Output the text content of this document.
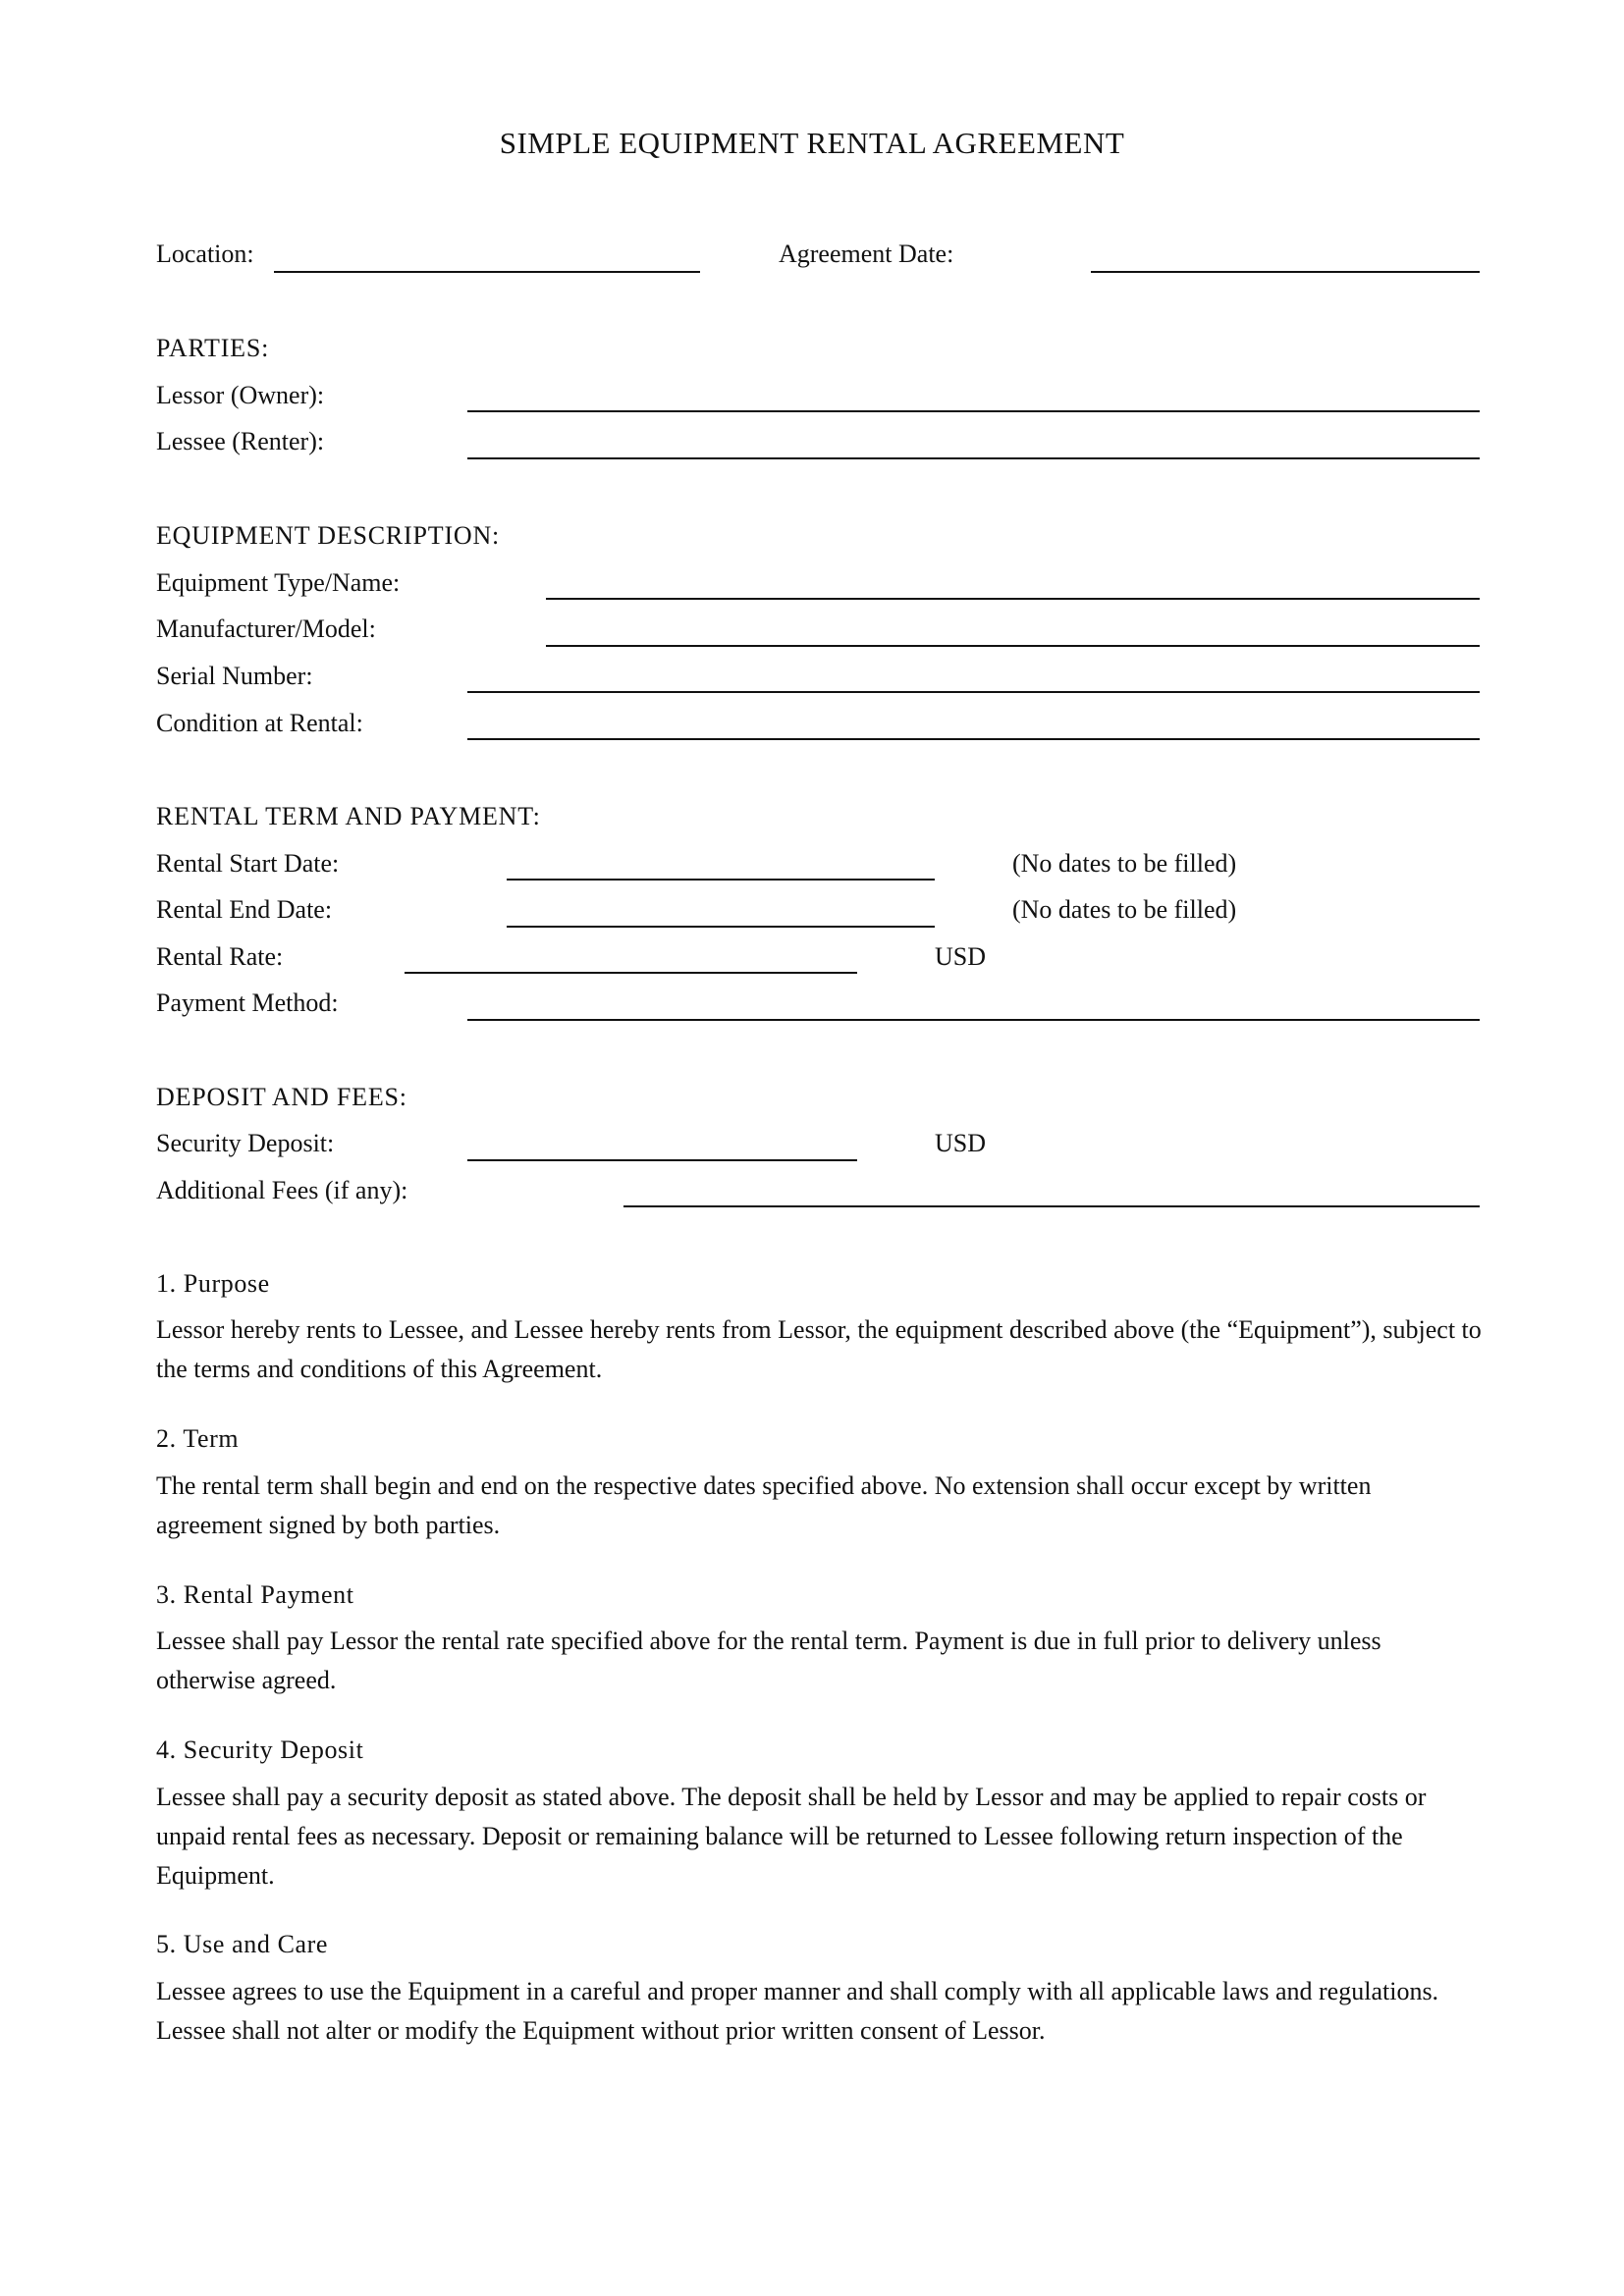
SIMPLE EQUIPMENT RENTAL AGREEMENT
Location:	Agreement Date:
PARTIES:
Lessor (Owner):
Lessee (Renter):
EQUIPMENT DESCRIPTION:
Equipment Type/Name:
Manufacturer/Model:
Serial Number:
Condition at Rental:
RENTAL TERM AND PAYMENT:
Rental Start Date:	(No dates to be filled)
Rental End Date:	(No dates to be filled)
Rental Rate:	USD
Payment Method:
DEPOSIT AND FEES:
Security Deposit:	USD
Additional Fees (if any):
1. Purpose
Lessor hereby rents to Lessee, and Lessee hereby rents from Lessor, the equipment described above (the “Equipment”), subject to the terms and conditions of this Agreement.
2. Term
The rental term shall begin and end on the respective dates specified above. No extension shall occur except by written agreement signed by both parties.
3. Rental Payment
Lessee shall pay Lessor the rental rate specified above for the rental term. Payment is due in full prior to delivery unless otherwise agreed.
4. Security Deposit
Lessee shall pay a security deposit as stated above. The deposit shall be held by Lessor and may be applied to repair costs or unpaid rental fees as necessary. Deposit or remaining balance will be returned to Lessee following return inspection of the Equipment.
5. Use and Care
Lessee agrees to use the Equipment in a careful and proper manner and shall comply with all applicable laws and regulations. Lessee shall not alter or modify the Equipment without prior written consent of Lessor.
